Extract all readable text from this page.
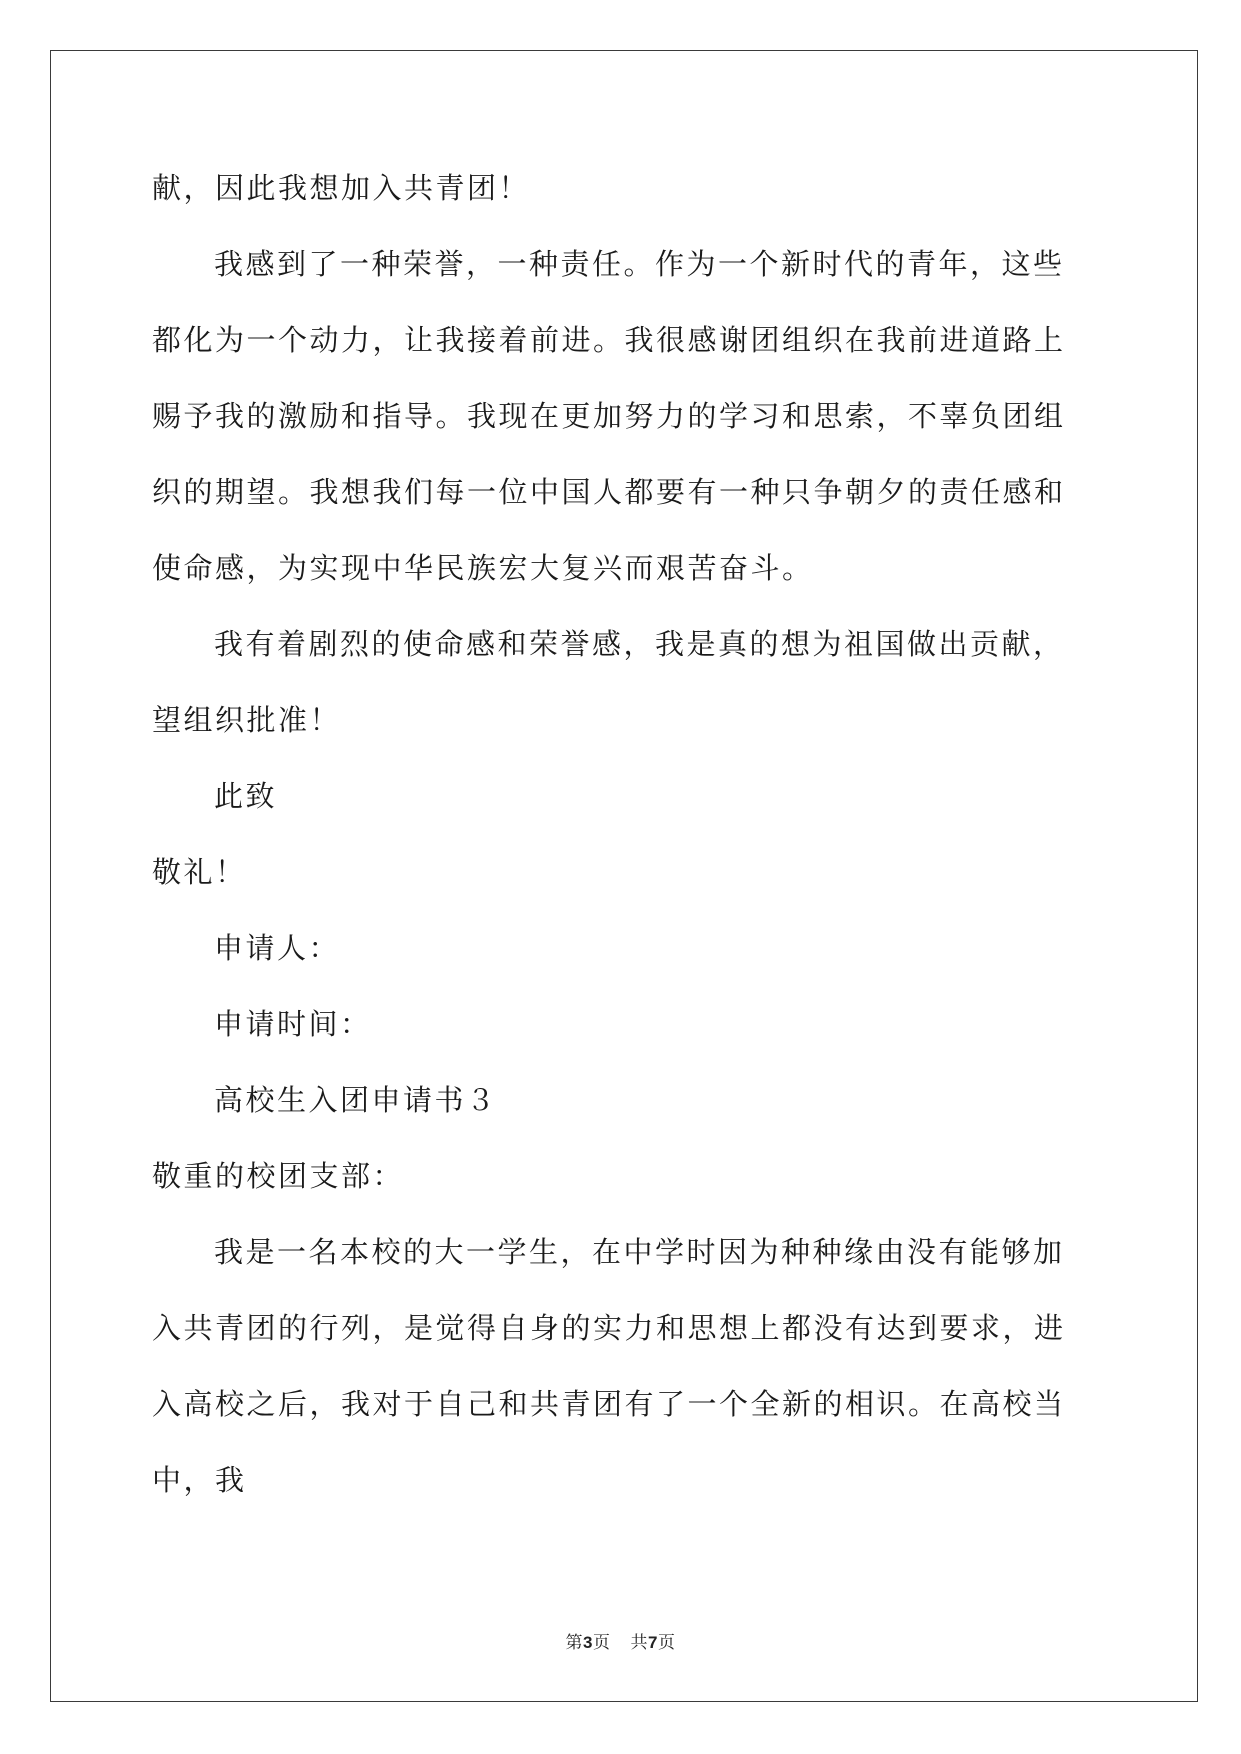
献，因此我想加入共青团！

我感到了一种荣誉，一种责任。作为一个新时代的青年，这些都化为一个动力，让我接着前进。我很感谢团组织在我前进道路上赐予我的激励和指导。我现在更加努力的学习和思索，不辜负团组织的期望。我想我们每一位中国人都要有一种只争朝夕的责任感和使命感，为实现中华民族宏大复兴而艰苦奋斗。

我有着剧烈的使命感和荣誉感，我是真的想为祖国做出贡献，望组织批准！

此致

敬礼！

申请人：

申请时间：

高校生入团申请书３

敬重的校团支部：

我是一名本校的大一学生，在中学时因为种种缘由没有能够加入共青团的行列，是觉得自身的实力和思想上都没有达到要求，进入高校之后，我对于自己和共青团有了一个全新的相识。在高校当中，我

第3页 共7页
